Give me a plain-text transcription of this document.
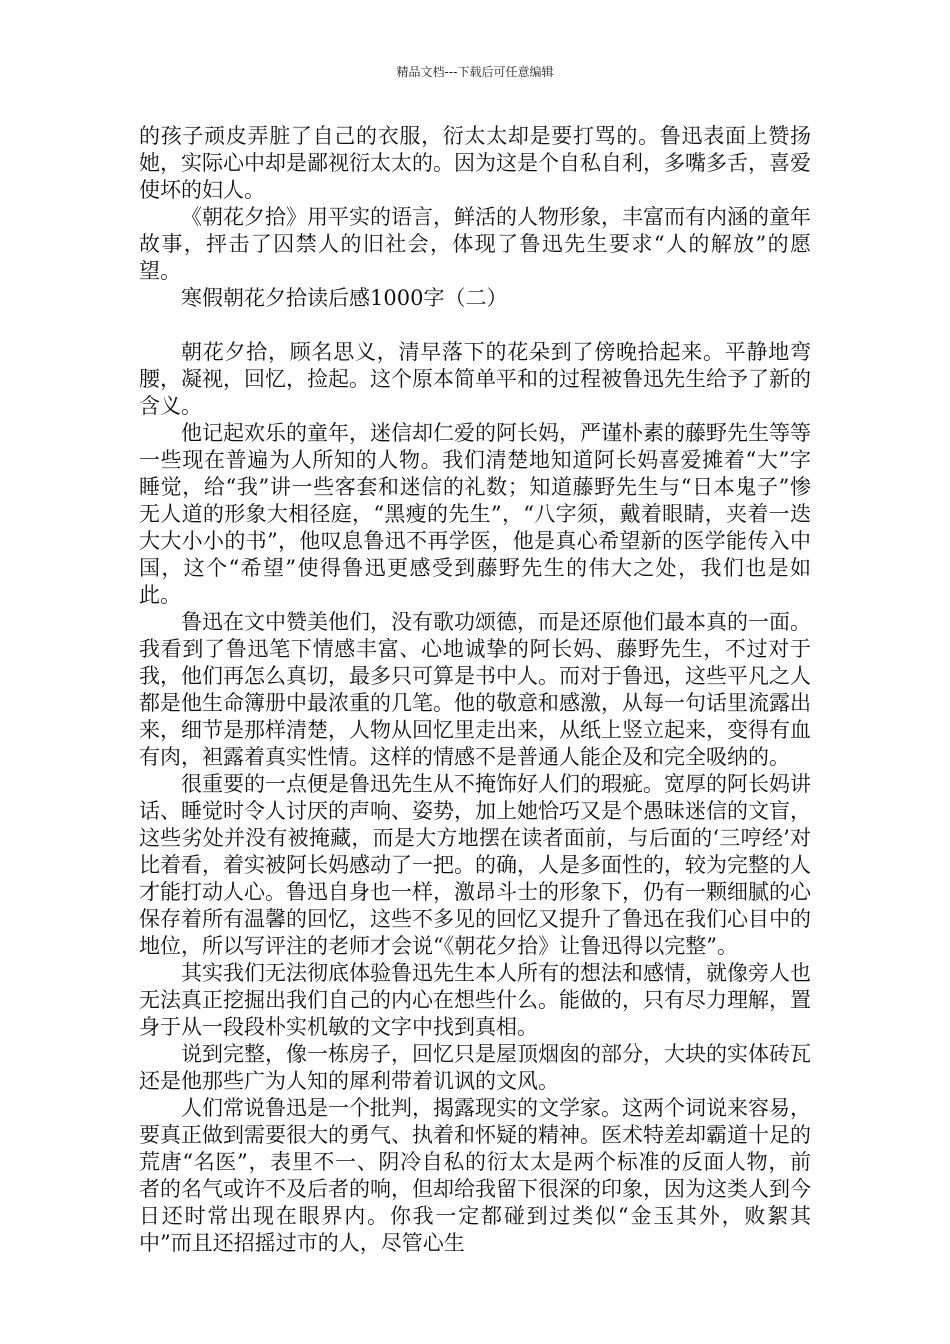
精品文档---下载后可任意编辑

的孩子顽皮弄脏了自己的衣服，衍太太却是要打骂的。鲁迅表面上赞扬她，实际心中却是鄙视衍太太的。因为这是个自私自利，多嘴多舌，喜爱使坏的妇人。

《朝花夕拾》用平实的语言，鲜活的人物形象，丰富而有内涵的童年故事，抨击了囚禁人的旧社会，体现了鲁迅先生要求“人的解放”的愿望。

寒假朝花夕拾读后感1000字（二）

朝花夕拾，顾名思义，清早落下的花朵到了傍晚拾起来。平静地弯腰，凝视，回忆，捡起。这个原本简单平和的过程被鲁迅先生给予了新的含义。

他记起欢乐的童年，迷信却仁爱的阿长妈，严谨朴素的藤野先生等等一些现在普遍为人所知的人物。我们清楚地知道阿长妈喜爱摊着“大”字睡觉，给“我”讲一些客套和迷信的礼数；知道藤野先生与“日本鬼子”惨无人道的形象大相径庭，“黑瘦的先生”，“八字须，戴着眼睛，夹着一迭大大小小的书”，他叹息鲁迅不再学医，他是真心希望新的医学能传入中国，这个“希望”使得鲁迅更感受到藤野先生的伟大之处，我们也是如此。

鲁迅在文中赞美他们，没有歌功颂德，而是还原他们最本真的一面。我看到了鲁迅笔下情感丰富、心地诚挚的阿长妈、藤野先生，不过对于我，他们再怎么真切，最多只可算是书中人。而对于鲁迅，这些平凡之人都是他生命簿册中最浓重的几笔。他的敬意和感激，从每一句话里流露出来，细节是那样清楚，人物从回忆里走出来，从纸上竖立起来，变得有血有肉，袒露着真实性情。这样的情感不是普通人能企及和完全吸纳的。

很重要的一点便是鲁迅先生从不掩饰好人们的瑕疵。宽厚的阿长妈讲话、睡觉时令人讨厌的声响、姿势，加上她恰巧又是个愚昧迷信的文盲，这些劣处并没有被掩藏，而是大方地摆在读者面前，与后面的‘三哼经’对比着看，着实被阿长妈感动了一把。的确，人是多面性的，较为完整的人才能打动人心。鲁迅自身也一样，激昂斗士的形象下，仍有一颗细腻的心保存着所有温馨的回忆，这些不多见的回忆又提升了鲁迅在我们心目中的地位，所以写评注的老师才会说“《朝花夕拾》让鲁迅得以完整”。

其实我们无法彻底体验鲁迅先生本人所有的想法和感情，就像旁人也无法真正挖掘出我们自己的内心在想些什么。能做的，只有尽力理解，置身于从一段段朴实机敏的文字中找到真相。

说到完整，像一栋房子，回忆只是屋顶烟囱的部分，大块的实体砖瓦还是他那些广为人知的犀利带着讥讽的文风。

人们常说鲁迅是一个批判，揭露现实的文学家。这两个词说来容易，要真正做到需要很大的勇气、执着和怀疑的精神。医术特差却霸道十足的荒唐“名医”，表里不一、阴冷自私的衍太太是两个标准的反面人物，前者的名气或许不及后者的响，但却给我留下很深的印象，因为这类人到今日还时常出现在眼界内。你我一定都碰到过类似“金玉其外，败絮其中”而且还招摇过市的人，尽管心生
